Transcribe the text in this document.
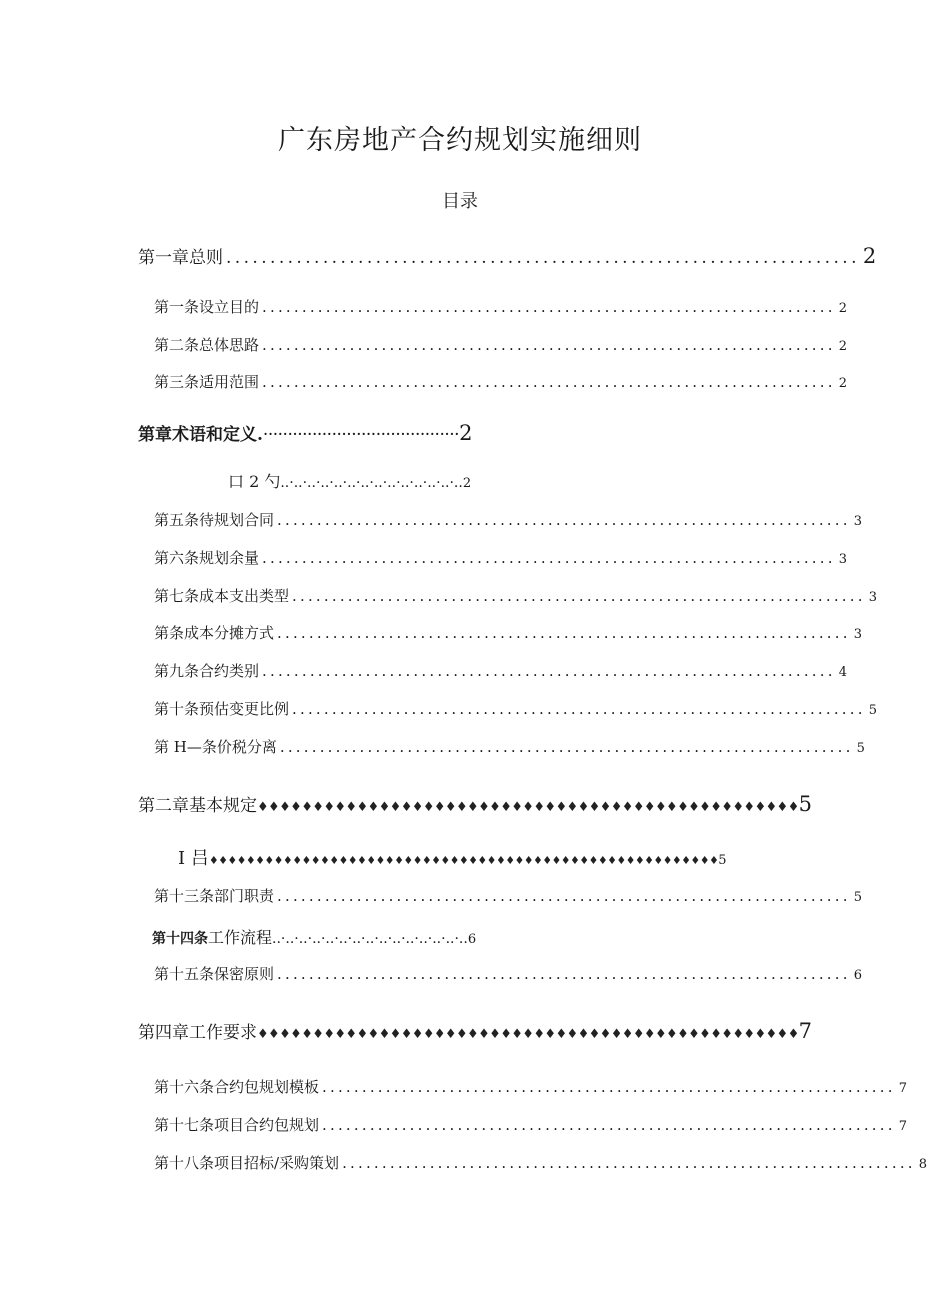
广东房地产合约规划实施细则
目录
第一章总则 ........................................................................ 2
第一条设立目的 ........................................................................ 2
第二条总体思路 ........................................................................ 2
第三条适用范围 ........................................................................ 2
第章术语和定义. ········································ 2
口 2 勺 ..·..·..·..·..·..·..·..·..·..·..·..·..·.. 2
第五条待规划合同 ........................................................................ 3
第六条规划余量 ........................................................................ 3
第七条成本支出类型 ........................................................................ 3
第条成本分摊方式 ........................................................................ 3
第九条合约类别 ........................................................................ 4
第十条预估变更比例 ........................................................................ 5
第 H—条价税分离 ........................................................................ 5
第二章基本规定 ♦♦♦♦♦♦♦♦♦♦♦♦♦♦♦♦♦♦♦♦♦♦♦♦♦♦♦♦♦♦♦♦♦♦♦♦♦♦♦♦♦♦♦♦♦♦♦♦♦ 5
I 吕 ♦♦♦♦♦♦♦♦♦♦♦♦♦♦♦♦♦♦♦♦♦♦♦♦♦♦♦♦♦♦♦♦♦♦♦♦♦♦♦♦♦♦♦♦♦♦♦♦♦♦♦♦♦♦♦ 5
第十三条部门职责 ........................................................................ 5
第十四条 工作流程 ..·..·..·..·..·..·..·..·..·..·..·..·..·..·.. 6
第十五条保密原则 ........................................................................ 6
第四章工作要求 ♦♦♦♦♦♦♦♦♦♦♦♦♦♦♦♦♦♦♦♦♦♦♦♦♦♦♦♦♦♦♦♦♦♦♦♦♦♦♦♦♦♦♦♦♦♦♦♦♦ 7
第十六条合约包规划模板 ........................................................................ 7
第十七条项目合约包规划 ........................................................................ 7
第十八条项目招标/采购策划 ........................................................................ 8
